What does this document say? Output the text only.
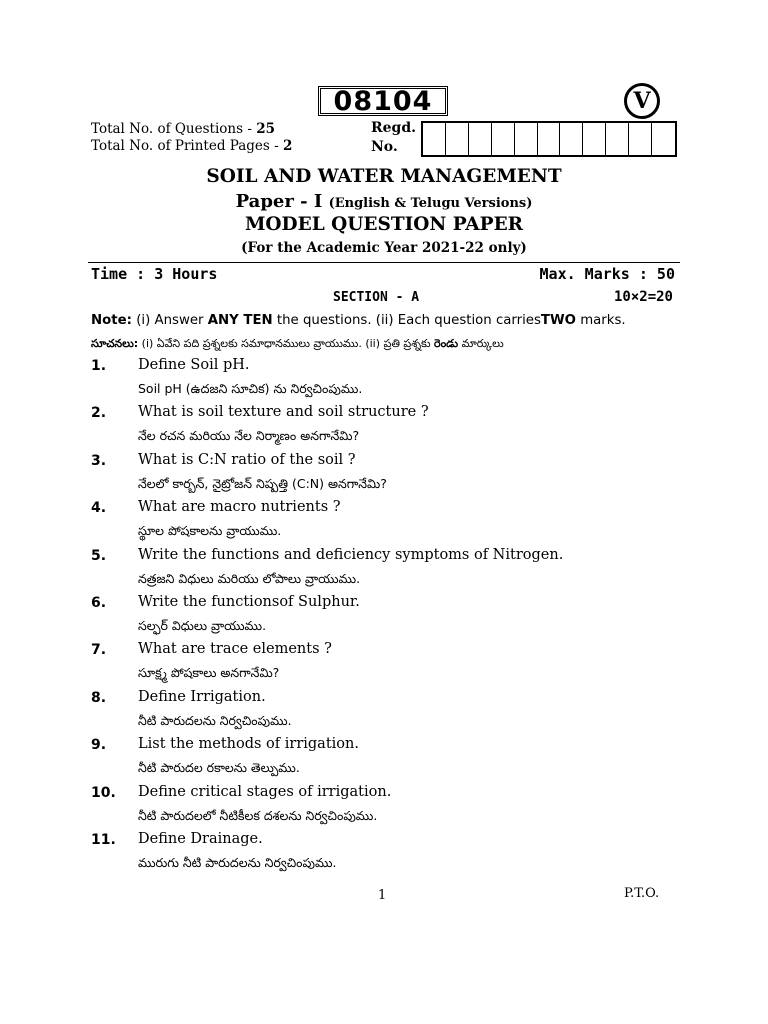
08104	V
Total No. of Questions - 25
Total No. of Printed Pages - 2
Regd.
No.
SOIL AND WATER MANAGEMENT
Paper - I (English & Telugu Versions)
MODEL QUESTION PAPER
(For the Academic Year 2021-22 only)
Time : 3 Hours	Max. Marks : 50
SECTION - A	10×2=20
Note: (i) Answer ANY TEN the questions. (ii) Each question carriesTWO marks.
సూచనలు: (i) ఏవేని పది ప్రశ్నలకు సమాధానములు వ్రాయుము. (ii) ప్రతి ప్రశ్నకు రెండు మార్కులు
1. Define Soil pH.
Soil pH (ఉదజని సూచిక) ను నిర్వచింపుము.
2. What is soil texture and soil structure ?
నేల రచన మరియు నేల నిర్మాణం అనగానేమి?
3. What is C:N ratio of the soil ?
నేలలో కార్బన్, నైట్రోజన్ నిష్పత్తి (C:N) అనగానేమి?
4. What are macro nutrients ?
స్థూల పోషకాలను వ్రాయుము.
5. Write the functions and deficiency symptoms of Nitrogen.
నత్రజని విధులు మరియు లోపాలు వ్రాయుము.
6. Write the functionsof Sulphur.
సల్ఫర్ విధులు వ్రాయుము.
7. What are trace elements ?
సూక్ష్మ పోషకాలు అనగానేమి?
8. Define Irrigation.
నీటి పారుదలను నిర్వచింపుము.
9. List the methods of irrigation.
నీటి పారుదల రకాలను తెల్పుము.
10. Define critical stages of irrigation.
నీటి పారుదలలో నీటికీలక దశలను నిర్వచింపుము.
11. Define Drainage.
మురుగు నీటి పారుదలను నిర్వచింపుము.
1	P.T.O.
